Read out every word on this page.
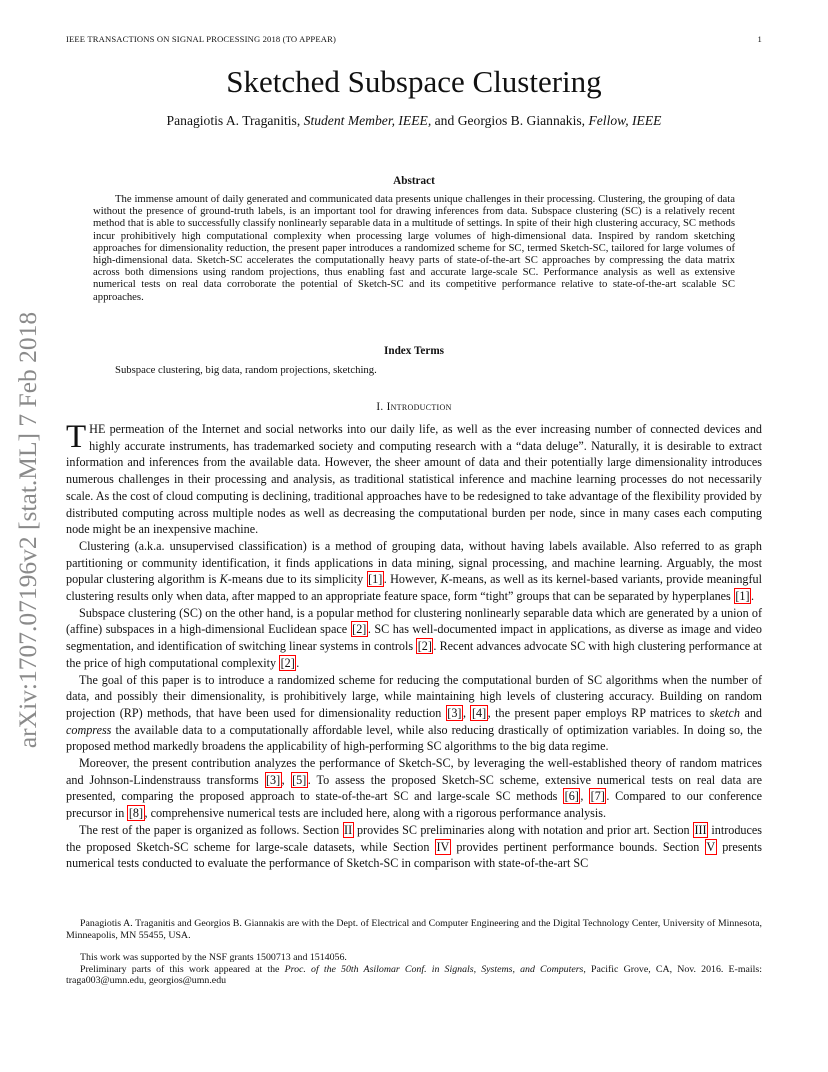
IEEE TRANSACTIONS ON SIGNAL PROCESSING 2018 (TO APPEAR)	1
arXiv:1707.07196v2 [stat.ML] 7 Feb 2018
Sketched Subspace Clustering
Panagiotis A. Traganitis, Student Member, IEEE, and Georgios B. Giannakis, Fellow, IEEE
Abstract
The immense amount of daily generated and communicated data presents unique challenges in their processing. Clustering, the grouping of data without the presence of ground-truth labels, is an important tool for drawing inferences from data. Subspace clustering (SC) is a relatively recent method that is able to successfully classify nonlinearly separable data in a multitude of settings. In spite of their high clustering accuracy, SC methods incur prohibitively high computational complexity when processing large volumes of high-dimensional data. Inspired by random sketching approaches for dimensionality reduction, the present paper introduces a randomized scheme for SC, termed Sketch-SC, tailored for large volumes of high-dimensional data. Sketch-SC accelerates the computationally heavy parts of state-of-the-art SC approaches by compressing the data matrix across both dimensions using random projections, thus enabling fast and accurate large-scale SC. Performance analysis as well as extensive numerical tests on real data corroborate the potential of Sketch-SC and its competitive performance relative to state-of-the-art scalable SC approaches.
Index Terms
Subspace clustering, big data, random projections, sketching.
I. Introduction

THE permeation of the Internet and social networks into our daily life, as well as the ever increasing number of connected devices and highly accurate instruments, has trademarked society and computing research with a “data deluge”. Naturally, it is desirable to extract information and inferences from the available data. However, the sheer amount of data and their potentially large dimensionality introduces numerous challenges in their processing and analysis, as traditional statistical inference and machine learning processes do not necessarily scale. As the cost of cloud computing is declining, traditional approaches have to be redesigned to take advantage of the flexibility provided by distributed computing across multiple nodes as well as decreasing the computational burden per node, since in many cases each computing node might be an inexpensive machine.

Clustering (a.k.a. unsupervised classification) is a method of grouping data, without having labels available. Also referred to as graph partitioning or community identification, it finds applications in data mining, signal processing, and machine learning. Arguably, the most popular clustering algorithm is K-means due to its simplicity [1] . However, K-means, as well as its kernel-based variants, provide meaningful clustering results only when data, after mapped to an appropriate feature space, form “tight” groups that can be separated by hyperplanes [1] .

Subspace clustering (SC) on the other hand, is a popular method for clustering nonlinearly separable data which are generated by a union of (affine) subspaces in a high-dimensional Euclidean space [2] . SC has well-documented impact in applications, as diverse as image and video segmentation, and identification of switching linear systems in controls [2] . Recent advances advocate SC with high clustering performance at the price of high computational complexity [2] .

The goal of this paper is to introduce a randomized scheme for reducing the computational burden of SC algorithms when the number of data, and possibly their dimensionality, is prohibitively large, while maintaining high levels of clustering accuracy. Building on random projection (RP) methods, that have been used for dimensionality reduction [3] , [4] , the present paper employs RP matrices to sketch and compress the available data to a computationally affordable level, while also reducing drastically of optimization variables. In doing so, the proposed method markedly broadens the applicability of high-performing SC algorithms to the big data regime.

Moreover, the present contribution analyzes the performance of Sketch-SC, by leveraging the well-established theory of random matrices and Johnson-Lindenstrauss transforms [3] , [5] . To assess the proposed Sketch-SC scheme, extensive numerical tests on real data are presented, comparing the proposed approach to state-of-the-art SC and large-scale SC methods [6] , [7] . Compared to our conference precursor in [8] , comprehensive numerical tests are included here, along with a rigorous performance analysis.

The rest of the paper is organized as follows. Section II provides SC preliminaries along with notation and prior art. Section III introduces the proposed Sketch-SC scheme for large-scale datasets, while Section IV provides pertinent performance bounds. Section V presents numerical tests conducted to evaluate the performance of Sketch-SC in comparison with state-of-the-art SC

Panagiotis A. Traganitis and Georgios B. Giannakis are with the Dept. of Electrical and Computer Engineering and the Digital Technology Center, University of Minnesota, Minneapolis, MN 55455, USA.

This work was supported by the NSF grants 1500713 and 1514056.

Preliminary parts of this work appeared at the Proc. of the 50th Asilomar Conf. in Signals, Systems, and Computers, Pacific Grove, CA, Nov. 2016. E-mails: traga003@umn.edu, georgios@umn.edu
